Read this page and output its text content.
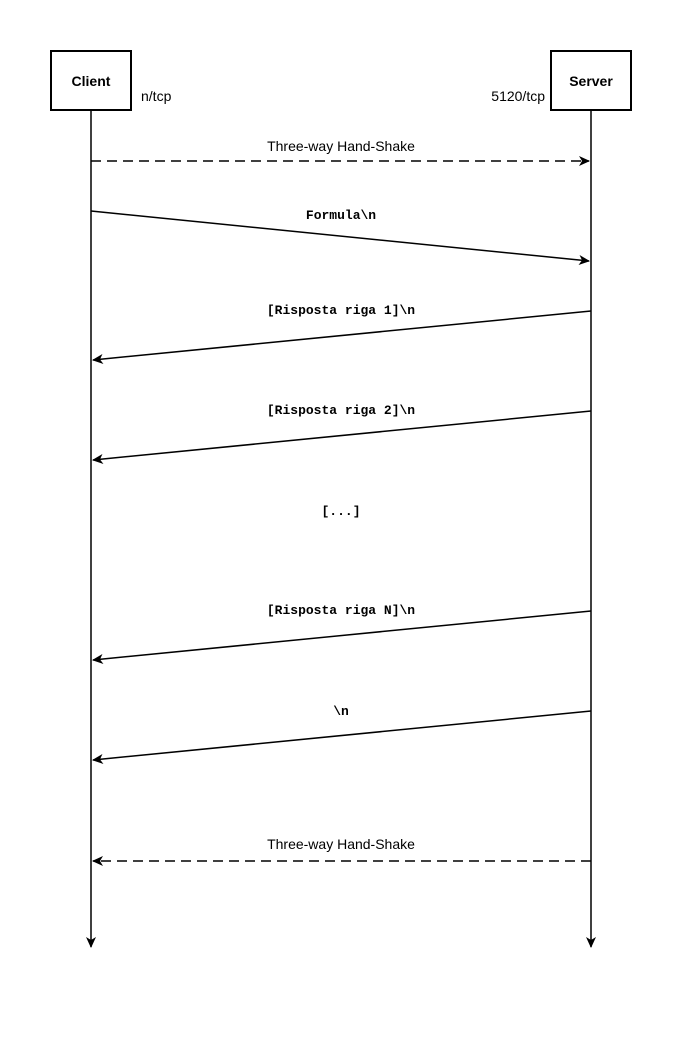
Client
n/tcp
Server
5120/tcp
Three-way Hand-Shake
Formula\n
[Risposta riga 1]\n
[Risposta riga 2]\n
[...]
[Risposta riga N]\n
\n
Three-way Hand-Shake
